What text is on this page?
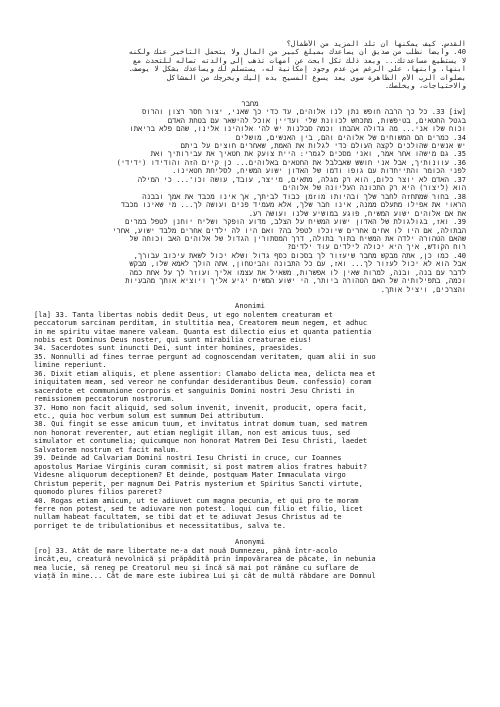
القدس. كيف يمكنها أن تلد المزيد من الأطفال؟
40. وأيضاً نطلب من صديق أن يساعدك بمبلغ كبير من المال ولا يتحمل التأخير عنك ولكنه
لا يستطيع مساعدتك... وبعد ذلك تكل ابحث عن أمهات تذهب إلى والدته تسأله للتحدث مع
ابنها، وابنها، على الرغم من عدم وجود إمكانية له، يستسلم لك ويساعدك بشكل لا يوصف.
بصلوات الرب الأم الطاهرة سوى يعد يسوع المسيح بده إليك ويخرجك من المشاكل
والاحتياجات، ويخلصك.
מחבר
[iw] 33. כל כך הרבה חופש נתן לנו אלוהים, עד כדי כך שאני, יצור חסר רצון והרוס
בגטל החטאים, בטיפשות, מתכחש לכוונת שלי ועדיין אוכל להישאר עם בטחת האדם
וכוח שלו אני... מה גדולה אהבתו וכמה סבלנות יש לה' אלוהינו אלינו, שהם פלא בריאתו
34. כמרים הם המשוחים של אלוהים והם, בין האנשים, מושלים
יש אנשים שהולכים לקצה העולם כדי לגלות את האמת, שאחרים חוצים על ביתם
35. גם מישהו אחר אמר, ואני מסכים לגמרי: היית צועק את חטאיך את עבירותיך ואת
36. עוונותיך, אבל אני חושש שאבלבל את החטאים באלוהים... כן קיים הזה והודידו (ידידי)
לפני הכומר והתייחדות עם גופו ודמו של האדון ישוע המשיח, לסליחת חטאינו.
37. האדם לא יוצר כלום, הוא רק מגלה, מתאים, מייצר, עובד, עושה וכו'... כי המילה
הוא (ליצור) היא רק התכונה העליונה של אלוהים
38. בחור שמתחזה לחבר שלך ובהיותו מוזמן כבוד לביתך, אך אינו מכבד את אמך ובבנה
הראוי את אפילו מתעלם ממנה, אינו חבר שלך, אלא מעמיד פנים ועושה לך... מי שאינו מכבד
את אם אלוהים ישוע המשיח, פוגע במושיע שלנו ועושה רע.
39. ואז, בגולגולת של האדון ישוע המשיח על הצלב, מדוע הופקר ושליח יוחנן לטפל במרים
הבתולה, אם היו לו אחים אחרים שיוכלו לטפל בה? ואם היו לה ילדים אחרים מלבד ישוע, אחרי
שהאם הטהורה ילדה את המשיח בתור בתולה, דרך המסתורין הגדול של אלוהים האב וכוחה של
רוח הקודש, איך היא יכולה לילדים עוד ילדים?
40. כמו כן, אתה מבקש מחבר שיעזור לך בסכום כסף גדול ושלא יכול לשאת עיכוב עבורך,
אבל הוא לא יכול לעזור לך... ואז, עם כל התבונה והביטחון, אתה הולך לאמא שלו, מבקש
לדבר עם בנה, ובנה, למרות שאין לו אפשרות, משאיל את עצמו אליך ועוזר לך על אחת כמה
וכמה, בתפילותיה של האם הטהורה ביותר, הי ישוע המשיח יגיע אליך ויוציא אותך מהבעיות
והצרכים, ויציל אותך.
Anonimi
[la] 33. Tanta libertas nobis dedit Deus, ut ego nolentem creaturam et
peccatorum sarcinam perditam, in stultitia mea, Creatorem meum negem, et adhuc
in me spiritu vitae manere valeam. Quanta est dilectio eius et quanta patientia
nobis est Dominus Deus noster, qui sunt mirabilia creaturae eius!
34. Sacerdotes sunt inuncti Dei, sunt inter homines, praesides.
35. Nonnulli ad fines terrae pergunt ad cognoscendam veritatem, quam alii in suo
limine reperiunt.
36. Dixit etiam aliquis, et plene assentior: Clamabo delicta mea, delicta mea et
iniquitatem meam, sed vereor ne confundar desiderantibus Deum. confessio) coram
sacerdote et communione corporis et sanguinis Domini nostri Jesu Christi in
remissionem peccatorum nostrorum.
37. Homo non facit aliquid, sed solum invenit, invenit, producit, opera facit,
etc., quia hoc verbum solum est summum Dei attributum.
38. Qui fingit se esse amicum tuum, et invitatus intrat domum tuam, sed matrem
non honorat reverenter, aut etiam negligit illam, non est amicus tuus, sed
simulator et contumelia; quicumque non honorat Matrem Dei Iesu Christi, laedet
Salvatorem nostrum et facit malum.
39. Deinde ad Calvariam Domini nostri Iesu Christi in cruce, cur Ioannes
apostolus Mariae Virginis curam commisit, si post matrem alios fratres habuit?
Videsne aliquorum deceptionem? Et deinde, postquam Mater Immaculata virgo
Christum peperit, per magnum Dei Patris mysterium et Spiritus Sancti virtute,
quomodo plures filios pareret?
40. Rogas etiam amicum, ut te adiuvet cum magna pecunia, et qui pro te moram
ferre non potest, sed te adiuvare non potest. loqui cum filio et filio, licet
nullam habeat facultatem, se tibi dat et te adiuvat Jesus Christus ad te
porriget te de tribulationibus et necessitatibus, salva te.
Anonymi
[ro] 33. Atât de mare libertate ne-a dat nouă Dumnezeu, până într-acolo
încât,eu, creatură nevolnică și prăpădită prin împovărarea de păcate, în nebunia
mea lucie, să reneg pe Creatorul meu și încă să mai pot rămâne cu suflare de
viață în mine... Cât de mare este iubirea Lui și cât de multă răbdare are Domnul
